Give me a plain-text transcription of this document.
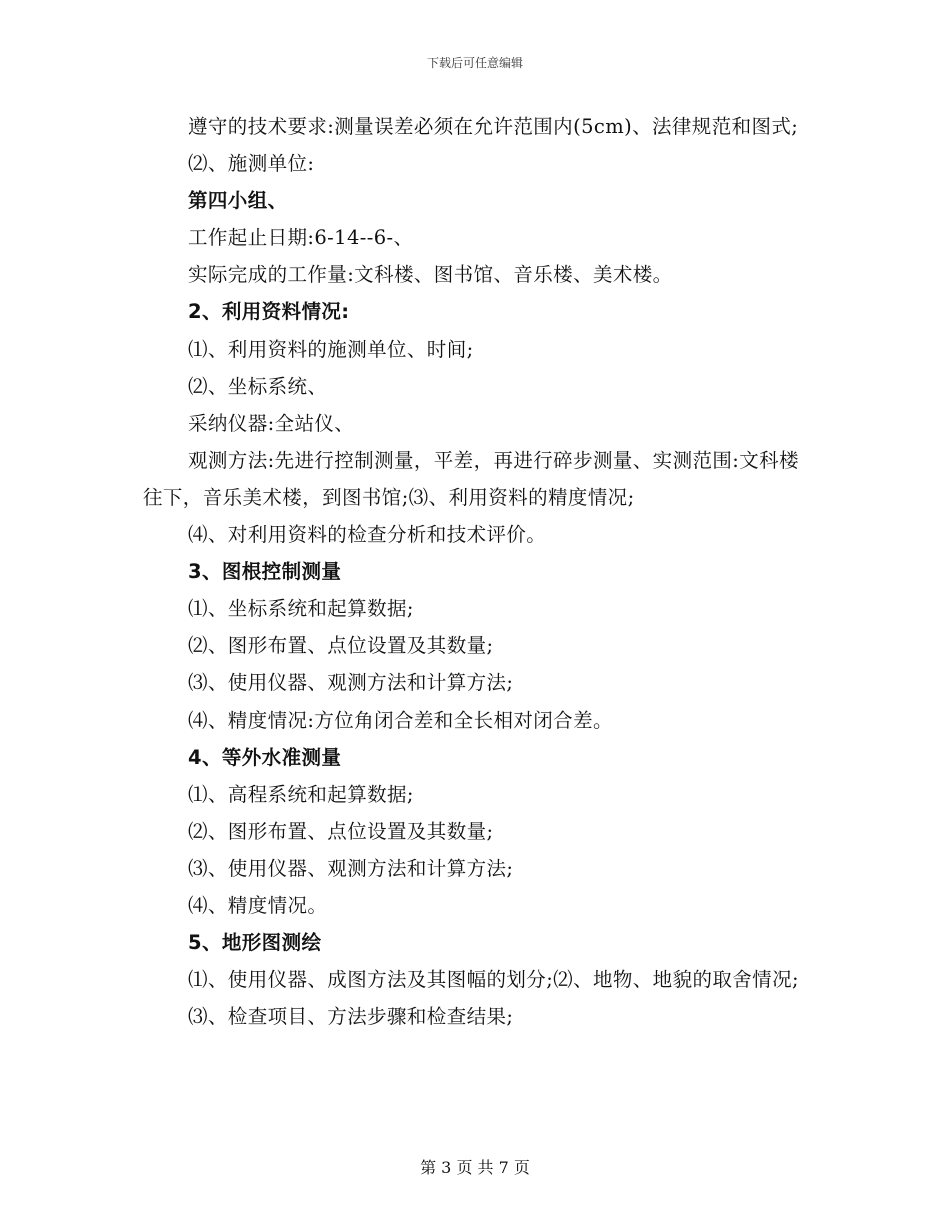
下载后可任意编辑

遵守的技术要求:测量误差必须在允许范围内(5cm)、法律规范和图式;

⑵、施测单位:

第四小组、

工作起止日期:6-14--6-、

实际完成的工作量:文科楼、图书馆、音乐楼、美术楼。

2、利用资料情况:

⑴、利用资料的施测单位、时间;

⑵、坐标系统、

采纳仪器:全站仪、

观测方法:先进行控制测量，平差，再进行碎步测量、实测范围:文科楼往下，音乐美术楼，到图书馆;⑶、利用资料的精度情况;

⑷、对利用资料的检查分析和技术评价。

3、图根控制测量

⑴、坐标系统和起算数据;

⑵、图形布置、点位设置及其数量;

⑶、使用仪器、观测方法和计算方法;

⑷、精度情况:方位角闭合差和全长相对闭合差。

4、等外水准测量

⑴、高程系统和起算数据;

⑵、图形布置、点位设置及其数量;

⑶、使用仪器、观测方法和计算方法;

⑷、精度情况。

5、地形图测绘

⑴、使用仪器、成图方法及其图幅的划分;⑵、地物、地貌的取舍情况;

⑶、检查项目、方法步骤和检查结果;

第 3 页 共 7 页
